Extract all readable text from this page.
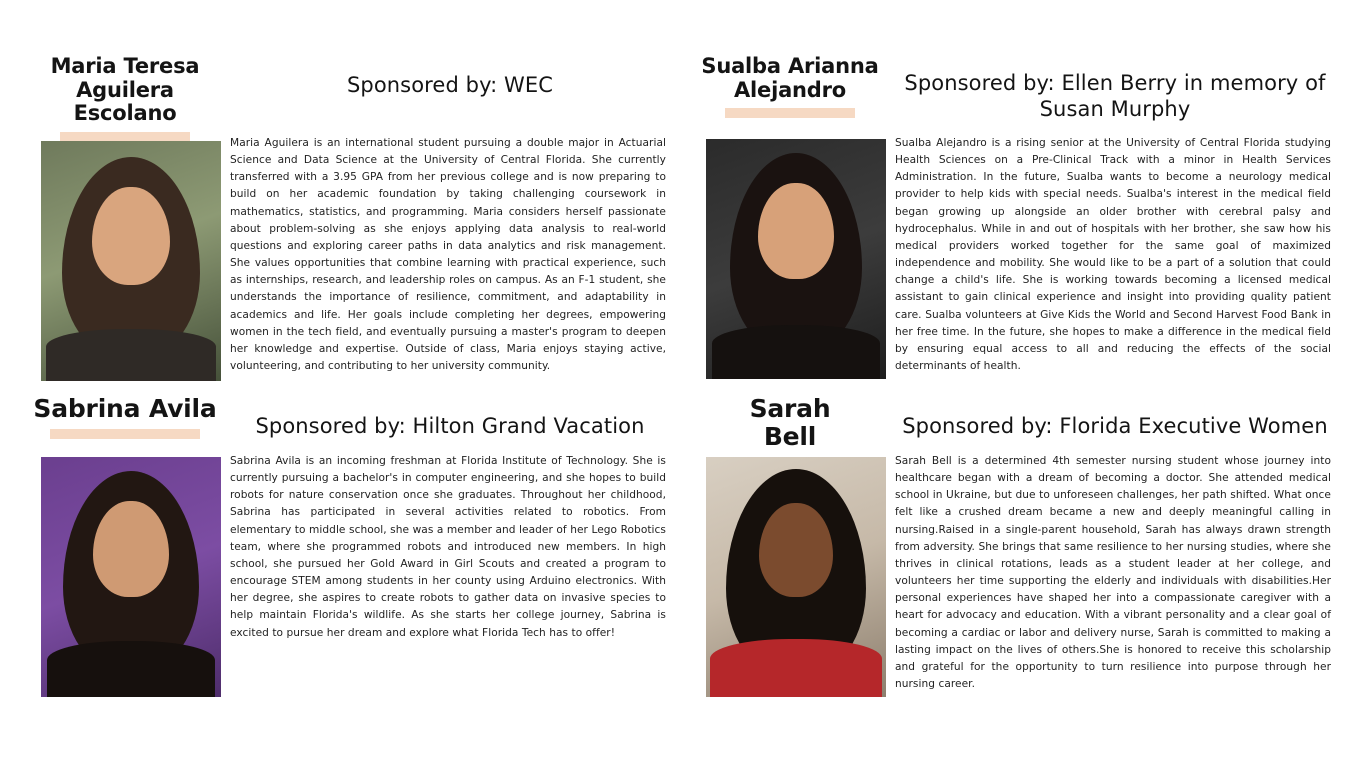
Maria Teresa
Aguilera
Escolano
Sponsored by: WEC
Maria Aguilera is an international student pursuing a double major in Actuarial Science and Data Science at the University of Central Florida. She currently transferred with a 3.95 GPA from her previous college and is now preparing to build on her academic foundation by taking challenging coursework in mathematics, statistics, and programming. Maria considers herself passionate about problem-solving as she enjoys applying data analysis to real-world questions and exploring career paths in data analytics and risk management. She values opportunities that combine learning with practical experience, such as internships, research, and leadership roles on campus. As an F-1 student, she understands the importance of resilience, commitment, and adaptability in academics and life. Her goals include completing her degrees, empowering women in the tech field, and eventually pursuing a master's program to deepen her knowledge and expertise. Outside of class, Maria enjoys staying active, volunteering, and contributing to her university community.
Sualba Arianna
Alejandro	Sponsored by: Ellen Berry in memory of Susan Murphy
Sualba Alejandro is a rising senior at the University of Central Florida studying Health Sciences on a Pre-Clinical Track with a minor in Health Services Administration. In the future, Sualba wants to become a neurology medical provider to help kids with special needs. Sualba's interest in the medical field began growing up alongside an older brother with cerebral palsy and hydrocephalus. While in and out of hospitals with her brother, she saw how his medical providers worked together for the same goal of maximized independence and mobility. She would like to be a part of a solution that could change a child's life. She is working towards becoming a licensed medical assistant to gain clinical experience and insight into providing quality patient care. Sualba volunteers at Give Kids the World and Second Harvest Food Bank in her free time. In the future, she hopes to make a difference in the medical field by ensuring equal access to all and reducing the effects of the social determinants of health.
Sabrina Avila
Sponsored by: Hilton Grand Vacation
Sabrina Avila is an incoming freshman at Florida Institute of Technology. She is currently pursuing a bachelor's in computer engineering, and she hopes to build robots for nature conservation once she graduates. Throughout her childhood, Sabrina has participated in several activities related to robotics. From elementary to middle school, she was a member and leader of her Lego Robotics team, where she programmed robots and introduced new members. In high school, she pursued her Gold Award in Girl Scouts and created a program to encourage STEM among students in her county using Arduino electronics. With her degree, she aspires to create robots to gather data on invasive species to help maintain Florida's wildlife. As she starts her college journey, Sabrina is excited to pursue her dream and explore what Florida Tech has to offer!
Sarah
Bell	Sponsored by: Florida Executive Women
Sarah Bell is a determined 4th semester nursing student whose journey into healthcare began with a dream of becoming a doctor. She attended medical school in Ukraine, but due to unforeseen challenges, her path shifted. What once felt like a crushed dream became a new and deeply meaningful calling in nursing.Raised in a single-parent household, Sarah has always drawn strength from adversity. She brings that same resilience to her nursing studies, where she thrives in clinical rotations, leads as a student leader at her college, and volunteers her time supporting the elderly and individuals with disabilities.Her personal experiences have shaped her into a compassionate caregiver with a heart for advocacy and education. With a vibrant personality and a clear goal of becoming a cardiac or labor and delivery nurse, Sarah is committed to making a lasting impact on the lives of others.She is honored to receive this scholarship and grateful for the opportunity to turn resilience into purpose through her nursing career.
